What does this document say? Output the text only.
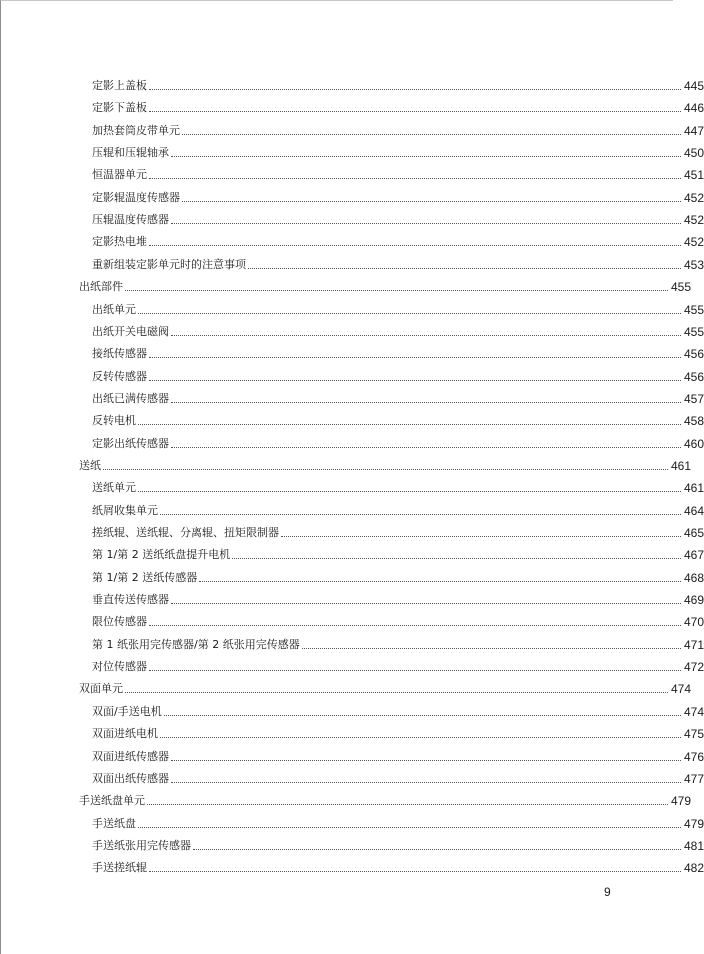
定影上盖板	445
定影下盖板	446
加热套筒皮带单元	447
压辊和压辊轴承	450
恒温器单元	451
定影辊温度传感器	452
压辊温度传感器	452
定影热电堆	452
重新组装定影单元时的注意事项	453
出纸部件	455
出纸单元	455
出纸开关电磁阀	455
接纸传感器	456
反转传感器	456
出纸已满传感器	457
反转电机	458
定影出纸传感器	460
送纸	461
送纸单元	461
纸屑收集单元	464
搓纸辊、送纸辊、分离辊、扭矩限制器	465
第 1/第 2 送纸纸盘提升电机	467
第 1/第 2 送纸传感器	468
垂直传送传感器	469
限位传感器	470
第 1 纸张用完传感器/第 2 纸张用完传感器	471
对位传感器	472
双面单元	474
双面/手送电机	474
双面进纸电机	475
双面进纸传感器	476
双面出纸传感器	477
手送纸盘单元	479
手送纸盘	479
手送纸张用完传感器	481
手送搓纸辊	482
9
